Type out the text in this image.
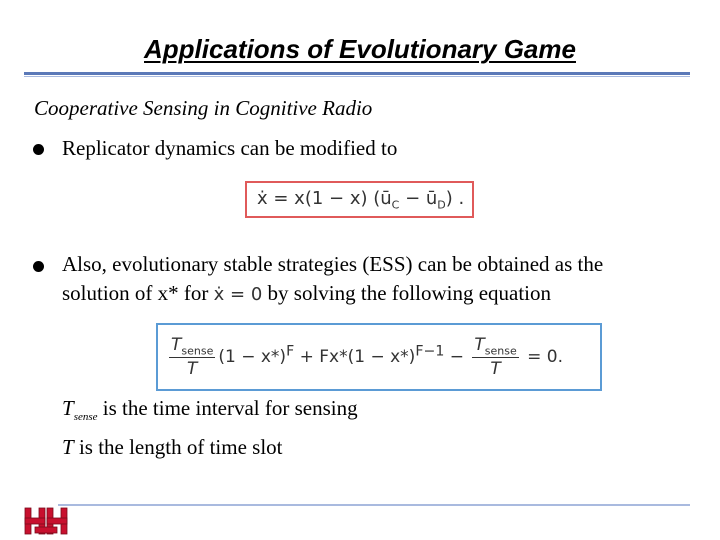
Applications of Evolutionary Game
Cooperative Sensing in Cognitive Radio
Replicator dynamics can be modified to
ẋ = x(1 − x) ($ū_C$ − $ū_D$) .
Also, evolutionary stable strategies (ESS) can be obtained as the
solution of x* for ẋ = 0 by solving the following equation
$\frac{T_{sense}}{T} (1 - x*)^F + Fx*(1 - x*)^{F-1} - \frac{T_{sense}}{T} = 0$.
$T_{sense}$ is the time interval for sensing
T is the length of time slot
